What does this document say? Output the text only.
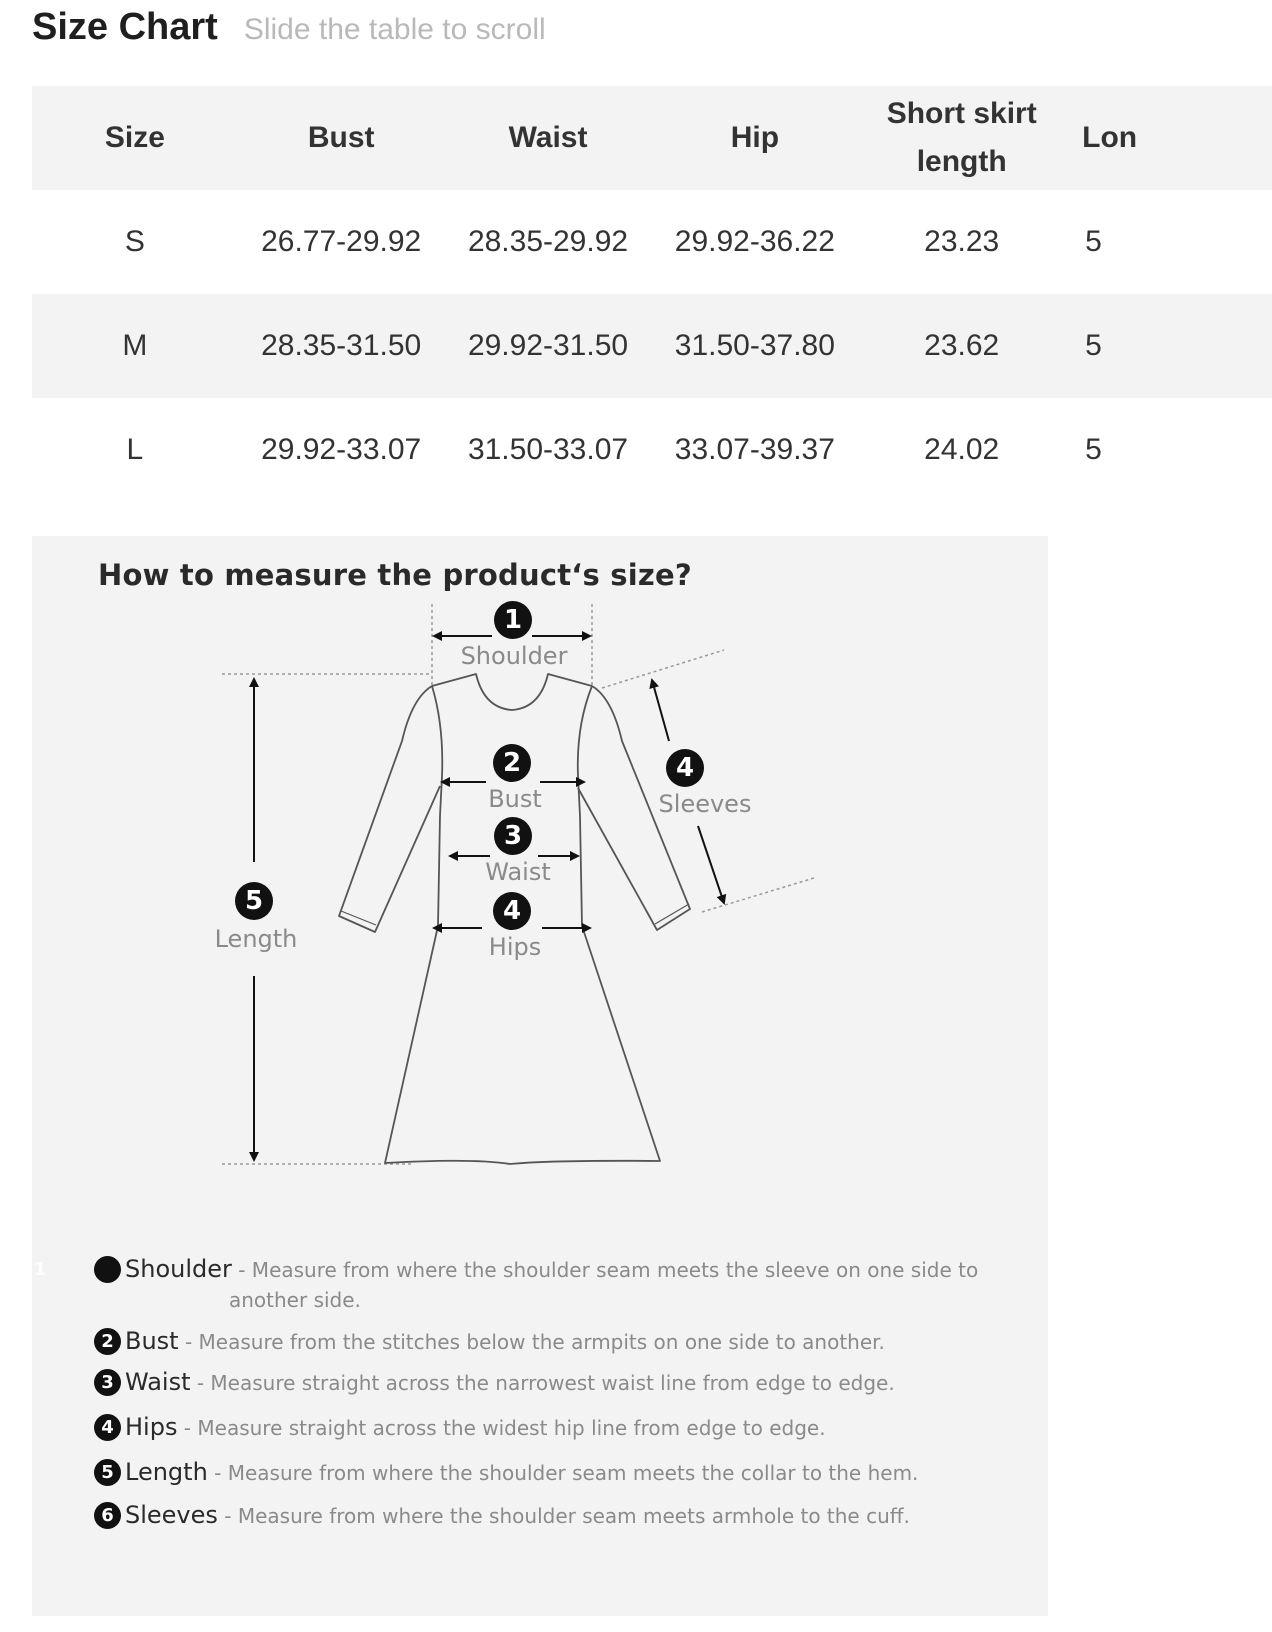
Size Chart Slide the table to scroll
Size	Bust	Waist	Hip	Short skirt length	Lon
S	26.77-29.92	28.35-29.92	29.92-36.22	23.23	5
M	28.35-31.50	29.92-31.50	31.50-37.80	23.62	5
L	29.92-33.07	31.50-33.07	33.07-39.37	24.02	5
How to measure the product‘s size?
1
Shoulder
2
Bust
3
Waist
4
Hips
4
Sleeves
5
Length
1	Shoulder - Measure from where the shoulder seam meets the sleeve on one side to another side.
2 Bust - Measure from the stitches below the armpits on one side to another.
3 Waist - Measure straight across the narrowest waist line from edge to edge.
4 Hips - Measure straight across the widest hip line from edge to edge.
5 Length - Measure from where the shoulder seam meets the collar to the hem.
6 Sleeves - Measure from where the shoulder seam meets armhole to the cuff.
